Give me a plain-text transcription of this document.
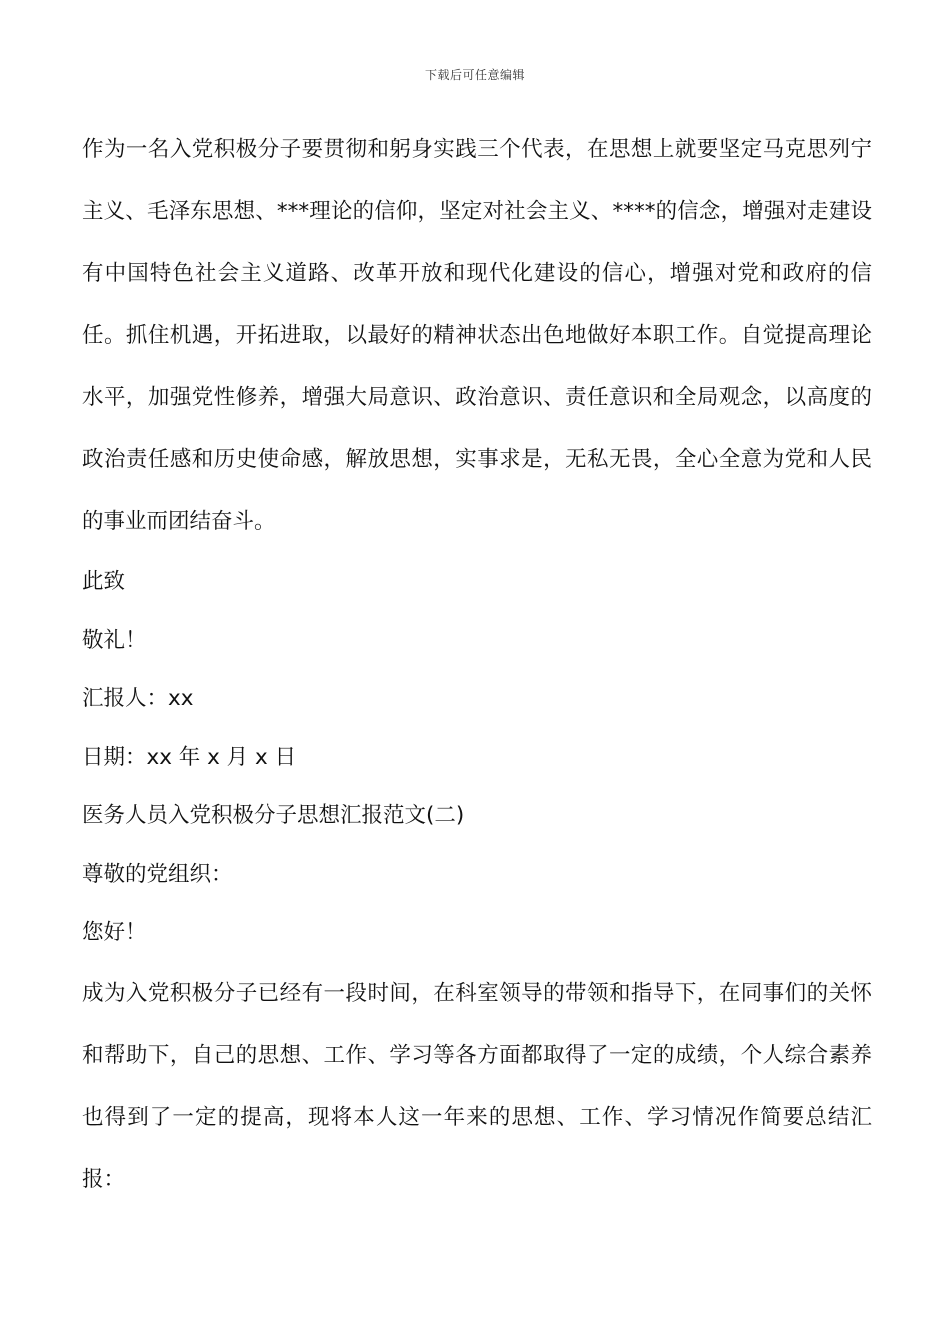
下载后可任意编辑

作为一名入党积极分子要贯彻和躬身实践三个代表，在思想上就要坚定马克思列宁主义、毛泽东思想、***理论的信仰，坚定对社会主义、****的信念，增强对走建设有中国特色社会主义道路、改革开放和现代化建设的信心，增强对党和政府的信任。抓住机遇，开拓进取，以最好的精神状态出色地做好本职工作。自觉提高理论水平，加强党性修养，增强大局意识、政治意识、责任意识和全局观念，以高度的政治责任感和历史使命感，解放思想，实事求是，无私无畏，全心全意为党和人民的事业而团结奋斗。

此致

敬礼！

汇报人：xx

日期：xx 年 x 月 x 日

医务人员入党积极分子思想汇报范文(二)

尊敬的党组织：

您好！

成为入党积极分子已经有一段时间，在科室领导的带领和指导下，在同事们的关怀和帮助下，自己的思想、工作、学习等各方面都取得了一定的成绩，个人综合素养也得到了一定的提高，现将本人这一年来的思想、工作、学习情况作简要总结汇报：
